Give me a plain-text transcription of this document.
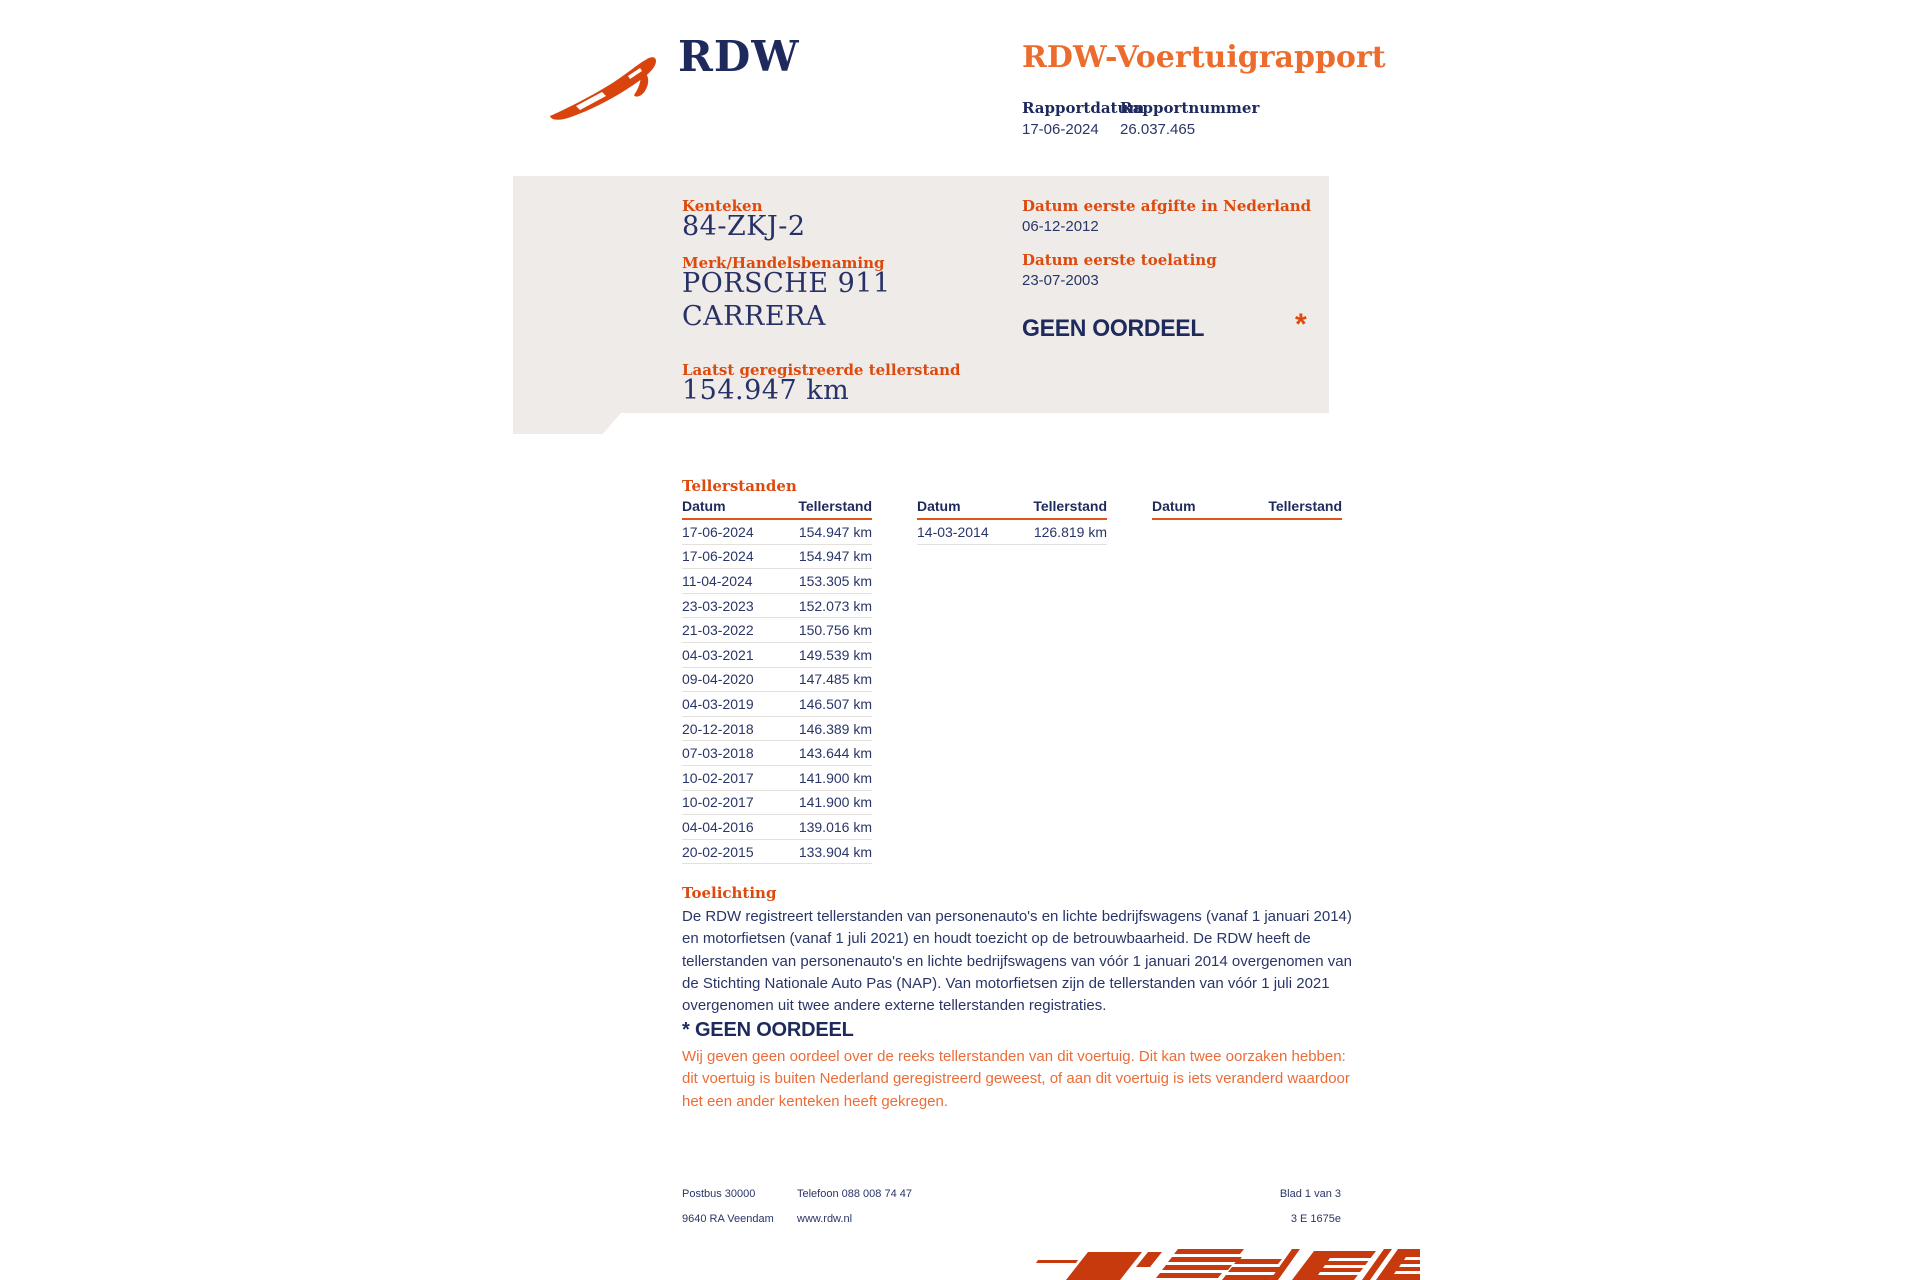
RDW	RDW-Voertuigrapport
Rapportdatum
17-06-2024
Rapportnummer
26.037.465
Kenteken
84-ZKJ-2
Merk/Handelsbenaming
PORSCHE 911
CARRERA
Laatst geregistreerde tellerstand
154.947 km
Datum eerste afgifte in Nederland
06-12-2012
Datum eerste toelating
23-07-2003
GEEN OORDEEL	*
Tellerstanden
Datum	Tellerstand
17-06-2024	154.947 km
17-06-2024	154.947 km
11-04-2024	153.305 km
23-03-2023	152.073 km
21-03-2022	150.756 km
04-03-2021	149.539 km
09-04-2020	147.485 km
04-03-2019	146.507 km
20-12-2018	146.389 km
07-03-2018	143.644 km
10-02-2017	141.900 km
10-02-2017	141.900 km
04-04-2016	139.016 km
20-02-2015	133.904 km
Datum	Tellerstand
14-03-2014	126.819 km
Datum	Tellerstand
Toelichting
De RDW registreert tellerstanden van personenauto's en lichte bedrijfswagens (vanaf 1 januari 2014) en motorfietsen (vanaf 1 juli 2021) en houdt toezicht op de betrouwbaarheid. De RDW heeft de tellerstanden van personenauto's en lichte bedrijfswagens van vóór 1 januari 2014 overgenomen van de Stichting Nationale Auto Pas (NAP). Van motorfietsen zijn de tellerstanden van vóór 1 juli 2021 overgenomen uit twee andere externe tellerstanden registraties.
* GEEN OORDEEL
Wij geven geen oordeel over de reeks tellerstanden van dit voertuig. Dit kan twee oorzaken hebben: dit voertuig is buiten Nederland geregistreerd geweest, of aan dit voertuig is iets veranderd waardoor het een ander kenteken heeft gekregen.
Postbus 30000
9640 RA Veendam
Telefoon 088 008 74 47
www.rdw.nl
Blad 1 van 3
3 E 1675e
